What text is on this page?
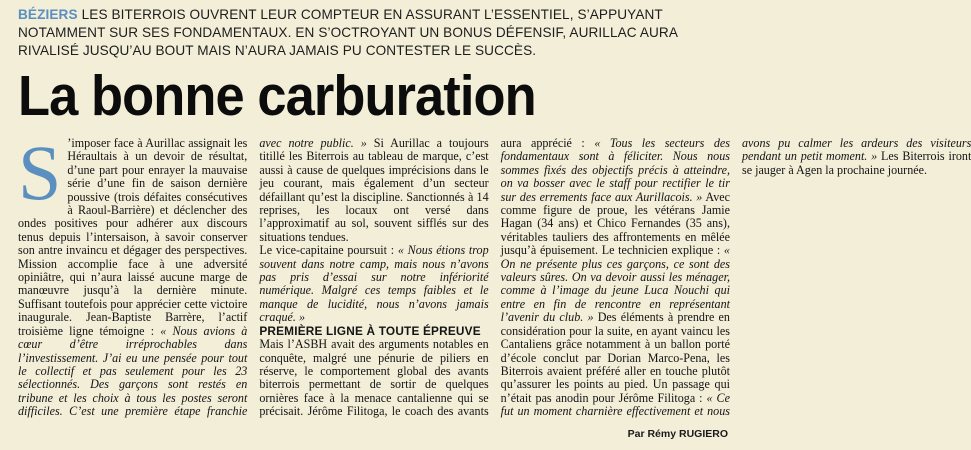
BÉZIERS LES BITERROIS OUVRENT LEUR COMPTEUR EN ASSURANT L’ESSENTIEL, S’APPUYANT NOTAMMENT SUR SES FONDAMENTAUX. EN S’OCTROYANT UN BONUS DÉFENSIF, AURILLAC AURA RIVALISÉ JUSQU’AU BOUT MAIS N’AURA JAMAIS PU CONTESTER LE SUCCÈS.

La bonne carburation

S ’imposer face à Aurillac assignait les Héraultais à un devoir de résultat, d’une part pour enrayer la mauvaise série d’une fin de saison dernière poussive (trois défaites consécutives à Raoul-Barrière) et déclencher des ondes positives pour adhérer aux discours tenus depuis l’intersaison, à savoir conserver son antre invaincu et dégager des perspectives. Mission accomplie face à une adversité opiniâtre, qui n’aura laissé aucune marge de manœuvre jusqu’à la dernière minute. Suffisant toutefois pour apprécier cette victoire inaugurale. Jean-Baptiste Barrère, l’actif troisième ligne témoigne : « Nous avions à cœur d’être irréprochables dans l’investissement. J’ai eu une pensée pour tout le collectif et pas seulement pour les 23 sélectionnés. Des garçons sont restés en tribune et les choix à tous les postes seront difficiles. C’est une première étape franchie avec notre public. » Si Aurillac a toujours titillé les Biterrois au tableau de marque, c’est aussi à cause de quelques imprécisions dans le jeu courant, mais également d’un secteur défaillant qu’est la discipline. Sanctionnés à 14 reprises, les locaux ont versé dans l’approximatif au sol, souvent sifflés sur des situations tendues.

Le vice-capitaine poursuit : « Nous étions trop souvent dans notre camp, mais nous n’avons pas pris d’essai sur notre infériorité numérique. Malgré ces temps faibles et le manque de lucidité, nous n’avons jamais craqué. »

PREMIÈRE LIGNE À TOUTE ÉPREUVE

Mais l’ASBH avait des arguments notables en conquête, malgré une pénurie de piliers en réserve, le comportement global des avants biterrois permettant de sortir de quelques ornières face à la menace cantalienne qui se précisait. Jérôme Filitoga, le coach des avants aura apprécié : « Tous les secteurs des fondamentaux sont à féliciter. Nous nous sommes fixés des objectifs précis à atteindre, on va bosser avec le staff pour rectifier le tir sur des errements face aux Aurillacois. » Avec comme figure de proue, les vétérans Jamie Hagan (34 ans) et Chico Fernandes (35 ans), véritables tauliers des affrontements en mêlée jusqu’à épuisement. Le technicien explique : « On ne présente plus ces garçons, ce sont des valeurs sûres. On va devoir aussi les ménager, comme à l’image du jeune Luca Nouchi qui entre en fin de rencontre en représentant l’avenir du club. » Des éléments à prendre en considération pour la suite, en ayant vaincu les Cantaliens grâce notamment à un ballon porté d’école conclut par Dorian Marco-Pena, les Biterrois avaient préféré aller en touche plutôt qu’assurer les points au pied. Un passage qui n’était pas anodin pour Jérôme Filitoga : « Ce fut un moment charnière effectivement et nous avons pu calmer les ardeurs des visiteurs pendant un petit moment. » Les Biterrois iront se jauger à Agen la prochaine journée.

Par Rémy RUGIERO
